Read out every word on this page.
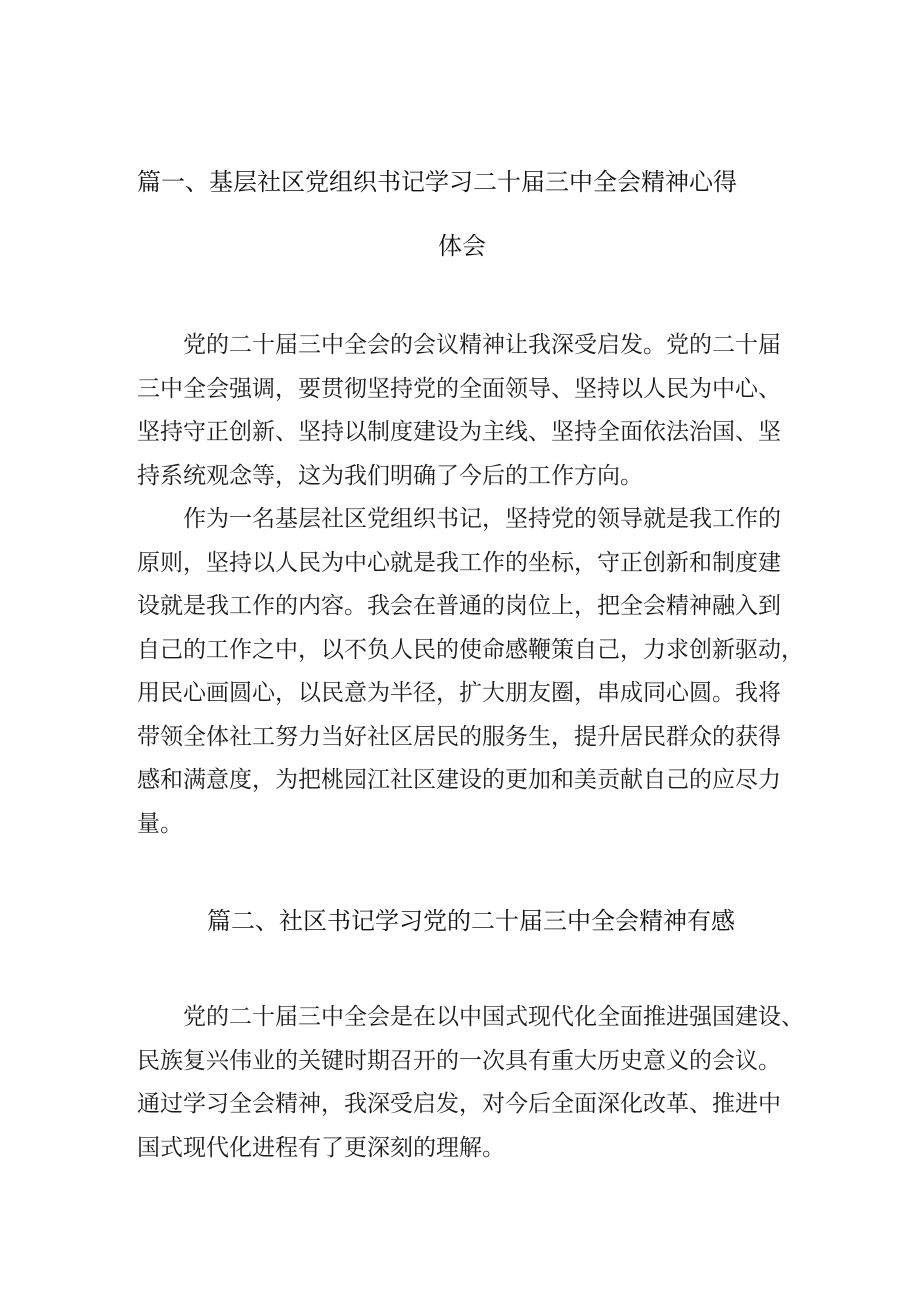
篇一、基层社区党组织书记学习二十届三中全会精神心得
体会
党的二十届三中全会的会议精神让我深受启发。党的二十届
三中全会强调，要贯彻坚持党的全面领导、坚持以人民为中心、
坚持守正创新、坚持以制度建设为主线、坚持全面依法治国、坚
持系统观念等，这为我们明确了今后的工作方向。
作为一名基层社区党组织书记，坚持党的领导就是我工作的
原则，坚持以人民为中心就是我工作的坐标，守正创新和制度建
设就是我工作的内容。我会在普通的岗位上，把全会精神融入到
自己的工作之中，以不负人民的使命感鞭策自己，力求创新驱动，
用民心画圆心，以民意为半径，扩大朋友圈，串成同心圆。我将
带领全体社工努力当好社区居民的服务生，提升居民群众的获得
感和满意度，为把桃园江社区建设的更加和美贡献自己的应尽力
量。
篇二、社区书记学习党的二十届三中全会精神有感
党的二十届三中全会是在以中国式现代化全面推进强国建设、
民族复兴伟业的关键时期召开的一次具有重大历史意义的会议。
通过学习全会精神，我深受启发，对今后全面深化改革、推进中
国式现代化进程有了更深刻的理解。
